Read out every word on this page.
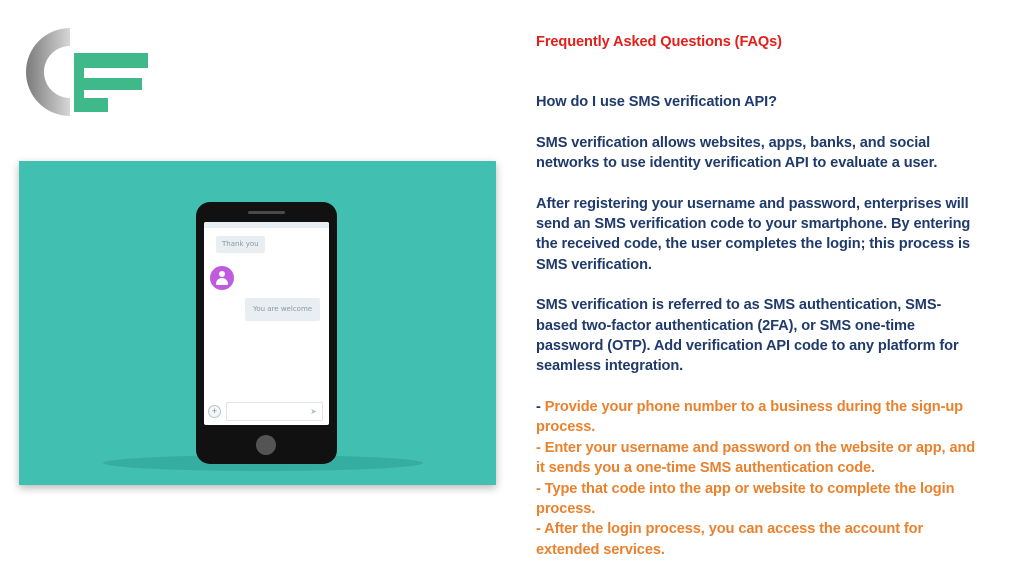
Thank you
You are welcome
+	➤

Frequently Asked Questions (FAQs)

How do I use SMS verification API?

SMS verification allows websites, apps, banks, and social networks to use identity verification API to evaluate a user.

After registering your username and password, enterprises will send an SMS verification code to your smartphone. By entering the received code, the user completes the login; this process is SMS verification.

SMS verification is referred to as SMS authentication, SMS-based two-factor authentication (2FA), or SMS one-time password (OTP). Add verification API code to any platform for seamless integration.

- Provide your phone number to a business during the sign-up process.

- Enter your username and password on the website or app, and it sends you a one-time SMS authentication code.

- Type that code into the app or website to complete the login process.

- After the login process, you can access the account for extended services.
